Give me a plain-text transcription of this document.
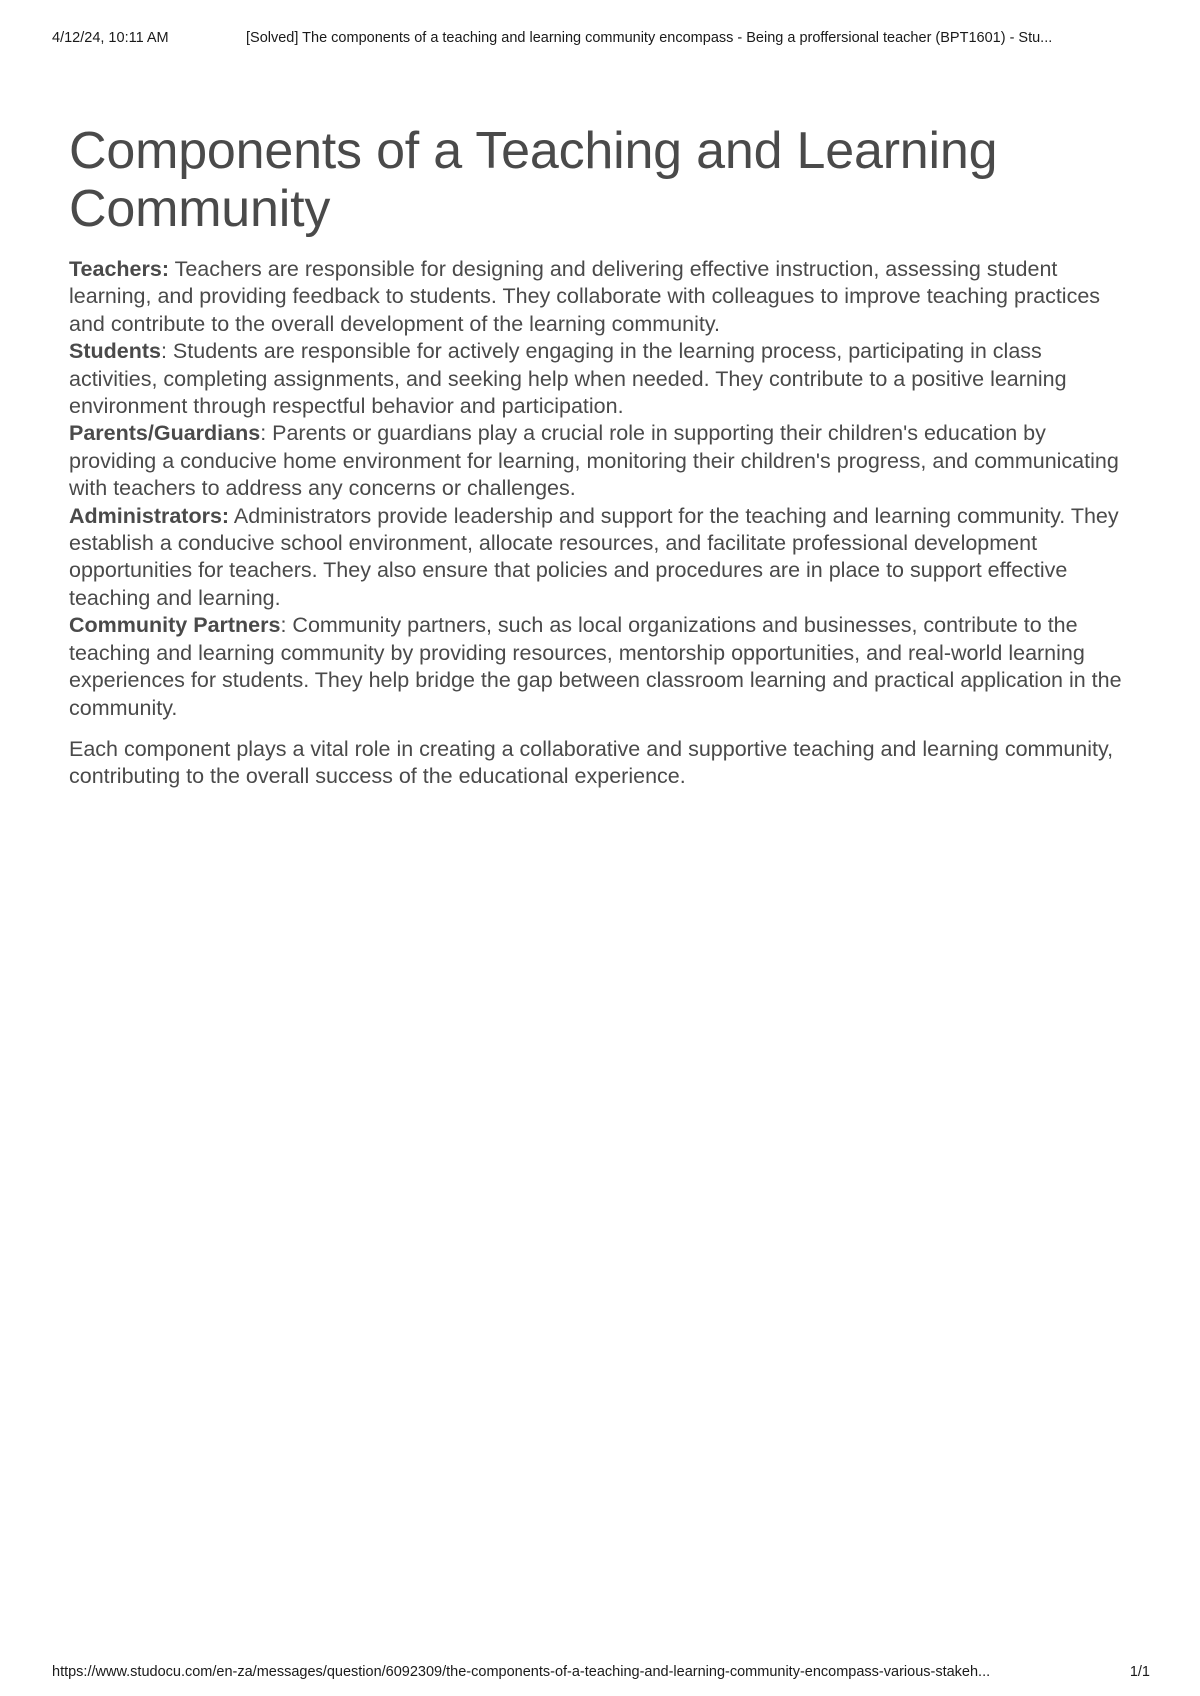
4/12/24, 10:11 AM	[Solved] The components of a teaching and learning community encompass - Being a proffersional teacher (BPT1601) - Stu...
Components of a Teaching and Learning Community

Teachers: Teachers are responsible for designing and delivering effective instruction, assessing student learning, and providing feedback to students. They collaborate with colleagues to improve teaching practices and contribute to the overall development of the learning community.

Students: Students are responsible for actively engaging in the learning process, participating in class activities, completing assignments, and seeking help when needed. They contribute to a positive learning environment through respectful behavior and participation.

Parents/Guardians: Parents or guardians play a crucial role in supporting their children's education by providing a conducive home environment for learning, monitoring their children's progress, and communicating with teachers to address any concerns or challenges.

Administrators: Administrators provide leadership and support for the teaching and learning community. They establish a conducive school environment, allocate resources, and facilitate professional development opportunities for teachers. They also ensure that policies and procedures are in place to support effective teaching and learning.

Community Partners: Community partners, such as local organizations and businesses, contribute to the teaching and learning community by providing resources, mentorship opportunities, and real-world learning experiences for students. They help bridge the gap between classroom learning and practical application in the community.

Each component plays a vital role in creating a collaborative and supportive teaching and learning community, contributing to the overall success of the educational experience.

https://www.studocu.com/en-za/messages/question/6092309/the-components-of-a-teaching-and-learning-community-encompass-various-stakeh...	1/1
